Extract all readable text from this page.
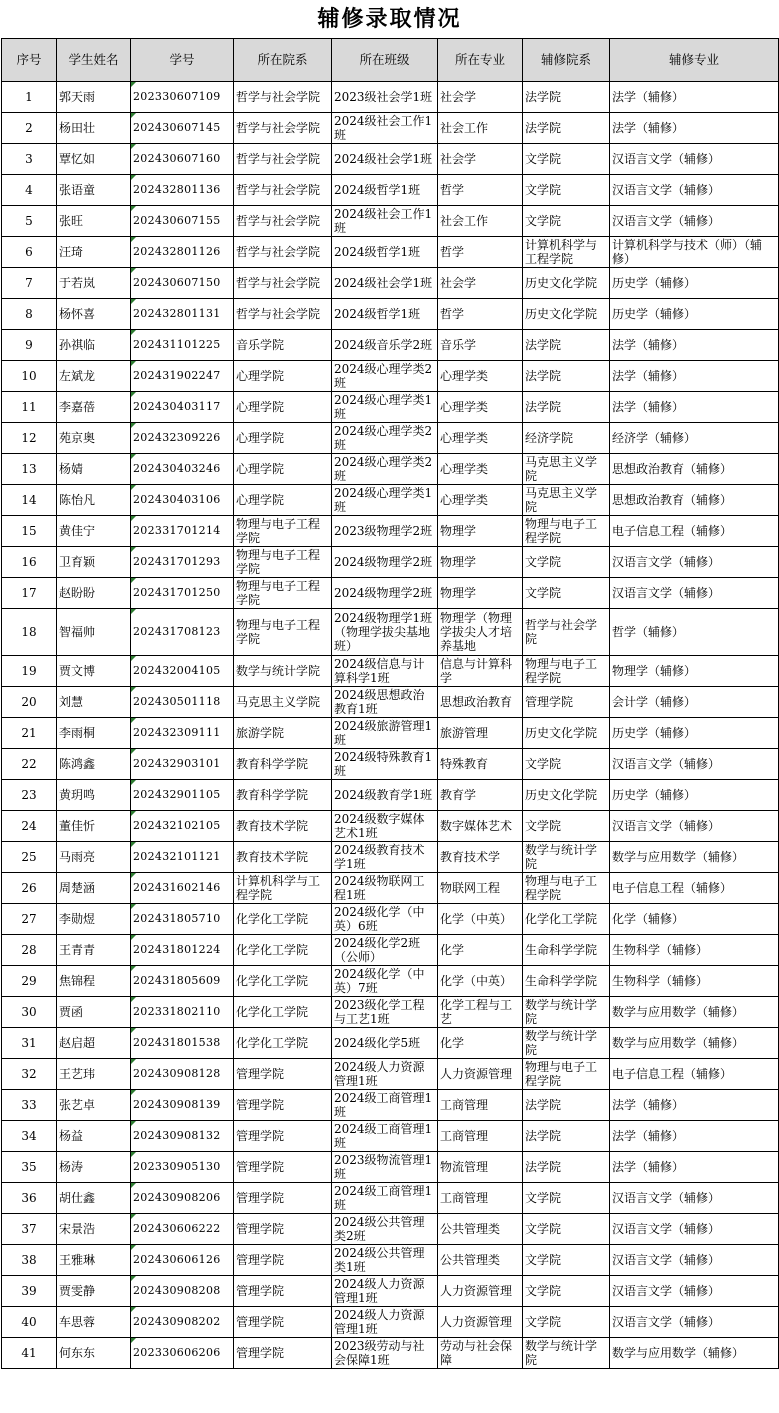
辅修录取情况
序号	学生姓名	学号	所在院系	所在班级	所在专业	辅修院系	辅修专业
1	郭天雨	202330607109	哲学与社会学院	2023级社会学1班	社会学	法学院	法学（辅修）
2	杨田壮	202430607145	哲学与社会学院	2024级社会工作1班	社会工作	法学院	法学（辅修）
3	覃忆如	202430607160	哲学与社会学院	2024级社会学1班	社会学	文学院	汉语言文学（辅修）
4	张语童	202432801136	哲学与社会学院	2024级哲学1班	哲学	文学院	汉语言文学（辅修）
5	张旺	202430607155	哲学与社会学院	2024级社会工作1班	社会工作	文学院	汉语言文学（辅修）
6	汪琦	202432801126	哲学与社会学院	2024级哲学1班	哲学	计算机科学与工程学院	计算机科学与技术（师）（辅修）
7	于若岚	202430607150	哲学与社会学院	2024级社会学1班	社会学	历史文化学院	历史学（辅修）
8	杨怀喜	202432801131	哲学与社会学院	2024级哲学1班	哲学	历史文化学院	历史学（辅修）
9	孙祺临	202431101225	音乐学院	2024级音乐学2班	音乐学	法学院	法学（辅修）
10	左斌龙	202431902247	心理学院	2024级心理学类2班	心理学类	法学院	法学（辅修）
11	李嘉蓓	202430403117	心理学院	2024级心理学类1班	心理学类	法学院	法学（辅修）
12	苑京奥	202432309226	心理学院	2024级心理学类2班	心理学类	经济学院	经济学（辅修）
13	杨婧	202430403246	心理学院	2024级心理学类2班	心理学类	马克思主义学院	思想政治教育（辅修）
14	陈怡凡	202430403106	心理学院	2024级心理学类1班	心理学类	马克思主义学院	思想政治教育（辅修）
15	黄佳宁	202331701214	物理与电子工程学院	2023级物理学2班	物理学	物理与电子工程学院	电子信息工程（辅修）
16	卫育颖	202431701293	物理与电子工程学院	2024级物理学2班	物理学	文学院	汉语言文学（辅修）
17	赵盼盼	202431701250	物理与电子工程学院	2024级物理学2班	物理学	文学院	汉语言文学（辅修）
18	智福帅	202431708123	物理与电子工程学院	2024级物理学1班（物理学拔尖基地班）	物理学（物理学拔尖人才培养基地	哲学与社会学院	哲学（辅修）
19	贾文博	202432004105	数学与统计学院	2024级信息与计算科学1班	信息与计算科学	物理与电子工程学院	物理学（辅修）
20	刘慧	202430501118	马克思主义学院	2024级思想政治教育1班	思想政治教育	管理学院	会计学（辅修）
21	李雨桐	202432309111	旅游学院	2024级旅游管理1班	旅游管理	历史文化学院	历史学（辅修）
22	陈鸿鑫	202432903101	教育科学学院	2024级特殊教育1班	特殊教育	文学院	汉语言文学（辅修）
23	黄玥鸣	202432901105	教育科学学院	2024级教育学1班	教育学	历史文化学院	历史学（辅修）
24	董佳忻	202432102105	教育技术学院	2024级数字媒体艺术1班	数字媒体艺术	文学院	汉语言文学（辅修）
25	马雨亮	202432101121	教育技术学院	2024级教育技术学1班	教育技术学	数学与统计学院	数学与应用数学（辅修）
26	周楚涵	202431602146	计算机科学与工程学院	2024级物联网工程1班	物联网工程	物理与电子工程学院	电子信息工程（辅修）
27	李勋煜	202431805710	化学化工学院	2024级化学（中英）6班	化学（中英）	化学化工学院	化学（辅修）
28	王青青	202431801224	化学化工学院	2024级化学2班（公师）	化学	生命科学学院	生物科学（辅修）
29	焦锦程	202431805609	化学化工学院	2024级化学（中英）7班	化学（中英）	生命科学学院	生物科学（辅修）
30	贾函	202331802110	化学化工学院	2023级化学工程与工艺1班	化学工程与工艺	数学与统计学院	数学与应用数学（辅修）
31	赵启超	202431801538	化学化工学院	2024级化学5班	化学	数学与统计学院	数学与应用数学（辅修）
32	王艺玮	202430908128	管理学院	2024级人力资源管理1班	人力资源管理	物理与电子工程学院	电子信息工程（辅修）
33	张艺卓	202430908139	管理学院	2024级工商管理1班	工商管理	法学院	法学（辅修）
34	杨益	202430908132	管理学院	2024级工商管理1班	工商管理	法学院	法学（辅修）
35	杨涛	202330905130	管理学院	2023级物流管理1班	物流管理	法学院	法学（辅修）
36	胡仕鑫	202430908206	管理学院	2024级工商管理1班	工商管理	文学院	汉语言文学（辅修）
37	宋景浩	202430606222	管理学院	2024级公共管理类2班	公共管理类	文学院	汉语言文学（辅修）
38	王雅琳	202430606126	管理学院	2024级公共管理类1班	公共管理类	文学院	汉语言文学（辅修）
39	贾雯静	202430908208	管理学院	2024级人力资源管理1班	人力资源管理	文学院	汉语言文学（辅修）
40	车思蓉	202430908202	管理学院	2024级人力资源管理1班	人力资源管理	文学院	汉语言文学（辅修）
41	何东东	202330606206	管理学院	2023级劳动与社会保障1班	劳动与社会保障	数学与统计学院	数学与应用数学（辅修）
